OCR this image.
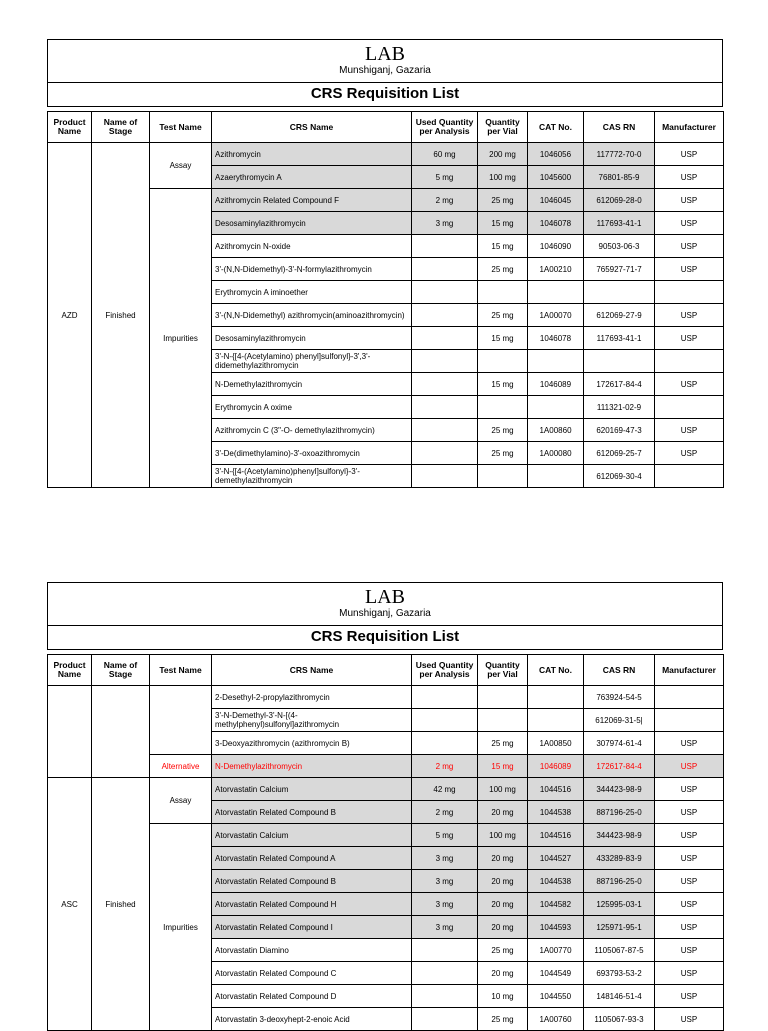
LAB
Munshiganj, Gazaria
CRS Requisition List
Product Name	Name of Stage	Test Name	CRS Name	Used Quantity per Analysis	Quantity per Vial	CAT No.	CAS RN	Manufacturer
AZD	Finished	Assay	Azithromycin	60 mg	200 mg	1046056	117772-70-0	USP
			Azaerythromycin A	5 mg	100 mg	1045600	76801-85-9	USP
		Impurities	Azithromycin Related Compound F	2 mg	25 mg	1046045	612069-28-0	USP
			Desosaminylazithromycin	3 mg	15 mg	1046078	117693-41-1	USP
			Azithromycin N-oxide		15 mg	1046090	90503-06-3	USP
			3'-(N,N-Didemethyl)-3'-N-formylazithromycin		25 mg	1A00210	765927-71-7	USP
			Erythromycin A iminoether					
			3'-(N,N-Didemethyl) azithromycin(aminoazithromycin)		25 mg	1A00070	612069-27-9	USP
			Desosaminylazithromycin		15 mg	1046078	117693-41-1	USP
			3'-N-{[4-(Acetylamino) phenyl]sulfonyl}-3',3'-didemethylazithromycin					
			N-Demethylazithromycin		15 mg	1046089	172617-84-4	USP
			Erythromycin A oxime				111321-02-9	
			Azithromycin C (3"-O- demethylazithromycin)		25 mg	1A00860	620169-47-3	USP
			3'-De(dimethylamino)-3'-oxoazithromycin		25 mg	1A00080	612069-25-7	USP
			3'-N-{[4-(Acetylamino)phenyl]sulfonyl}-3'-demethylazithromycin				612069-30-4	
LAB
Munshiganj, Gazaria
CRS Requisition List
Product Name	Name of Stage	Test Name	CRS Name	Used Quantity per Analysis	Quantity per Vial	CAT No.	CAS RN	Manufacturer
			2-Desethyl-2-propylazithromycin				763924-54-5	
			3'-N-Demethyl-3'-N-[(4-methylphenyl)sulfonyl]azithromycin				612069-31-5|	
			3-Deoxyazithromycin (azithromycin B)		25 mg	1A00850	307974-61-4	USP
		Alternative	N-Demethylazithromycin	2 mg	15 mg	1046089	172617-84-4	USP
ASC	Finished	Assay	Atorvastatin Calcium	42 mg	100 mg	1044516	344423-98-9	USP
			Atorvastatin Related Compound B	2 mg	20 mg	1044538	887196-25-0	USP
		Impurities	Atorvastatin Calcium	5 mg	100 mg	1044516	344423-98-9	USP
			Atorvastatin Related Compound A	3 mg	20 mg	1044527	433289-83-9	USP
			Atorvastatin Related Compound B	3 mg	20 mg	1044538	887196-25-0	USP
			Atorvastatin Related Compound H	3 mg	20 mg	1044582	125995-03-1	USP
			Atorvastatin Related Compound I	3 mg	20 mg	1044593	125971-95-1	USP
			Atorvastatin Diamino		25 mg	1A00770	1105067-87-5	USP
			Atorvastatin Related Compound C		20 mg	1044549	693793-53-2	USP
			Atorvastatin Related Compound D		10 mg	1044550	148146-51-4	USP
			Atorvastatin 3-deoxyhept-2-enoic Acid		25 mg	1A00760	1105067-93-3	USP
